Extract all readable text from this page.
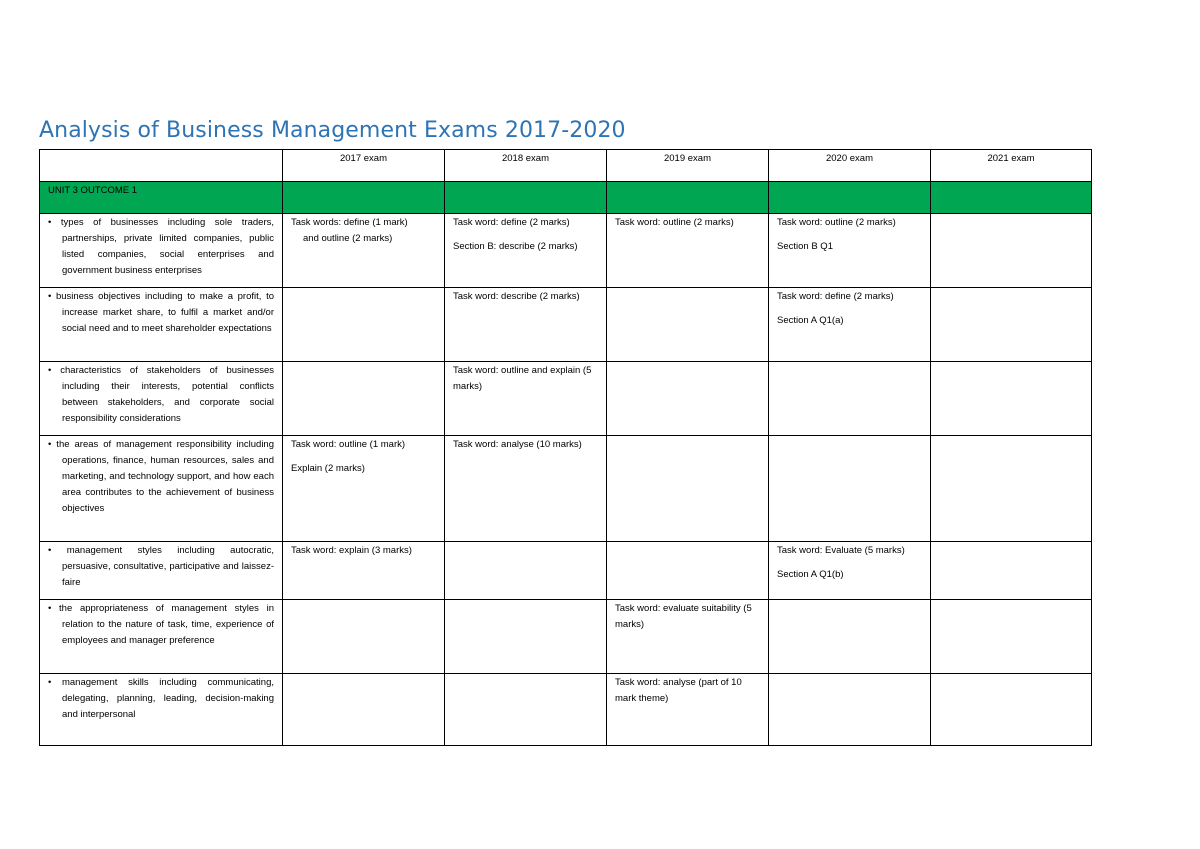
Analysis of Business Management Exams 2017-2020
	2017 exam	2018 exam	2019 exam	2020 exam	2021 exam
UNIT 3 OUTCOME 1					
• types of businesses including sole traders, partnerships, private limited companies, public listed companies, social enterprises and government business enterprises	Task words: define (1 mark)
and outline (2 marks)	Task word: define (2 marks)
Section B: describe (2 marks)	Task word: outline (2 marks)	Task word: outline (2 marks)
Section B Q1	

• business objectives including to make a profit, to increase market share, to fulfil a market and/or social need and to meet shareholder expectations		Task word: describe (2 marks)		Task word: define (2 marks)
Section A Q1(a)	

• characteristics of stakeholders of businesses including their interests, potential conflicts between stakeholders, and corporate social responsibility considerations		Task word: outline and explain (5 marks)			

• the areas of management responsibility including operations, finance, human resources, sales and marketing, and technology support, and how each area contributes to the achievement of business objectives	Task word: outline (1 mark)
Explain (2 marks)	Task word: analyse (10 marks)			

• management styles including autocratic, persuasive, consultative, participative and laissez-faire	Task word: explain (3 marks)			Task word: Evaluate (5 marks)
Section A Q1(b)	

• the appropriateness of management styles in relation to the nature of task, time, experience of employees and manager preference			Task word: evaluate suitability (5 marks)		

• management skills including communicating, delegating, planning, leading, decision-making and interpersonal			Task word: analyse (part of 10 mark theme)		
